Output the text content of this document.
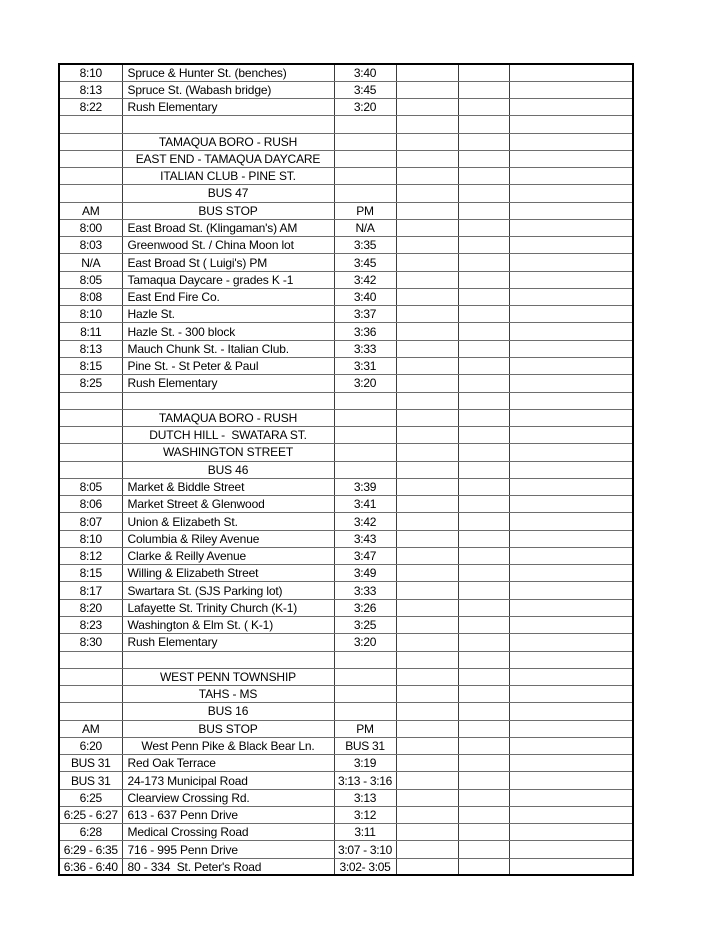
8:10	Spruce & Hunter St. (benches)	3:40			
8:13	Spruce St. (Wabash bridge)	3:45			
8:22	Rush Elementary	3:20			

	TAMAQUA BORO - RUSH				
	EAST END - TAMAQUA DAYCARE				
	ITALIAN CLUB - PINE ST.				
	BUS 47				
AM	BUS STOP	PM			
8:00	East Broad St. (Klingaman's) AM	N/A			
8:03	Greenwood St. / China Moon lot	3:35			
N/A	East Broad St ( Luigi's) PM	3:45			
8:05	Tamaqua Daycare - grades K -1	3:42			
8:08	East End Fire Co.	3:40			
8:10	Hazle St.	3:37			
8:11	Hazle St. - 300 block	3:36			
8:13	Mauch Chunk St. - Italian Club.	3:33			
8:15	Pine St. - St Peter & Paul	3:31			
8:25	Rush Elementary	3:20			

	TAMAQUA BORO - RUSH				
	DUTCH HILL -  SWATARA ST.				
	WASHINGTON STREET				
	BUS 46				
8:05	Market & Biddle Street	3:39			
8:06	Market Street & Glenwood	3:41			
8:07	Union & Elizabeth St.	3:42			
8:10	Columbia & Riley Avenue	3:43			
8:12	Clarke & Reilly Avenue	3:47			
8:15	Willing & Elizabeth Street	3:49			
8:17	Swartara St. (SJS Parking lot)	3:33			
8:20	Lafayette St. Trinity Church (K-1)	3:26			
8:23	Washington & Elm St. ( K-1)	3:25			
8:30	Rush Elementary	3:20			

	WEST PENN TOWNSHIP				
	TAHS - MS				
	BUS 16				
AM	BUS STOP	PM			
6:20	West Penn Pike & Black Bear Ln.	BUS 31			
BUS 31	Red Oak Terrace	3:19			
BUS 31	24-173 Municipal Road	3:13 - 3:16			
6:25	Clearview Crossing Rd.	3:13			
6:25 - 6:27	613 - 637 Penn Drive	3:12			
6:28	Medical Crossing Road	3:11			
6:29 - 6:35	716 - 995 Penn Drive	3:07 - 3:10			
6:36 - 6:40	80 - 334  St. Peter's Road	3:02- 3:05			
